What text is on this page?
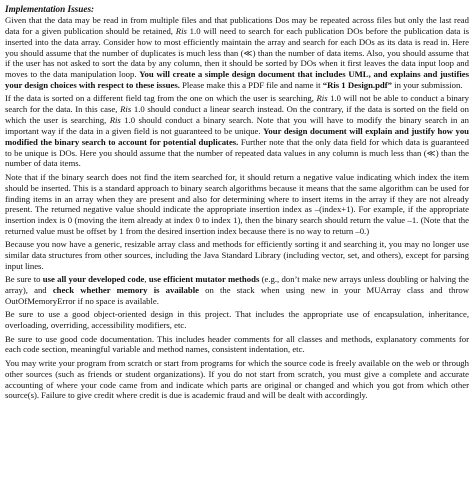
Implementation Issues:

Given that the data may be read in from multiple files and that publications Dos may be repeated across files but only the last read data for a given publication should be retained, Ris 1.0 will need to search for each publication DOs before the publication data is inserted into the data array. Consider how to most efficiently maintain the array and search for each DOs as its data is read in. Here you should assume that the number of duplicates is much less than (≪) than the number of data items. Also, you should assume that if the user has not asked to sort the data by any column, then it should be sorted by DOs when it first leaves the data input loop and moves to the data manipulation loop. You will create a simple design document that includes UML, and explains and justifies your design choices with respect to these issues. Please make this a PDF file and name it “Ris 1 Design.pdf” in your submission.

If the data is sorted on a different field tag from the one on which the user is searching, Ris 1.0 will not be able to conduct a binary search for the data. In this case, Ris 1.0 should conduct a linear search instead. On the contrary, if the data is sorted on the field on which the user is searching, Ris 1.0 should conduct a binary search. Note that you will have to modify the binary search in an important way if the data in a given field is not guaranteed to be unique. Your design document will explain and justify how you modified the binary search to account for potential duplicates. Further note that the only data field for which data is guaranteed to be unique is DOs. Here you should assume that the number of repeated data values in any column is much less than (≪) than the number of data items.

Note that if the binary search does not find the item searched for, it should return a negative value indicating which index the item should be inserted. This is a standard approach to binary search algorithms because it means that the same algorithm can be used for finding items in an array when they are present and also for determining where to insert items in the array if they are not already present. The returned negative value should indicate the appropriate insertion index as –(index+1). For example, if the appropriate insertion index is 0 (moving the item already at index 0 to index 1), then the binary search should return the value –1. (Note that the returned value must be offset by 1 from the desired insertion index because there is no way to return –0.)

Because you now have a generic, resizable array class and methods for efficiently sorting it and searching it, you may no longer use similar data structures from other sources, including the Java Standard Library (including vector, set, and others), except for parsing input lines.

Be sure to use all your developed code, use efficient mutator methods (e.g., don’t make new arrays unless doubling or halving the array), and check whether memory is available on the stack when using new in your MUArray class and throw OutOfMemoryError if no space is available.

Be sure to use a good object-oriented design in this project. That includes the appropriate use of encapsulation, inheritance, overloading, overriding, accessibility modifiers, etc.

Be sure to use good code documentation. This includes header comments for all classes and methods, explanatory comments for each code section, meaningful variable and method names, consistent indentation, etc.

You may write your program from scratch or start from programs for which the source code is freely available on the web or through other sources (such as friends or student organizations). If you do not start from scratch, you must give a complete and accurate accounting of where your code came from and indicate which parts are original or changed and which you got from which other source(s). Failure to give credit where credit is due is academic fraud and will be dealt with accordingly.
